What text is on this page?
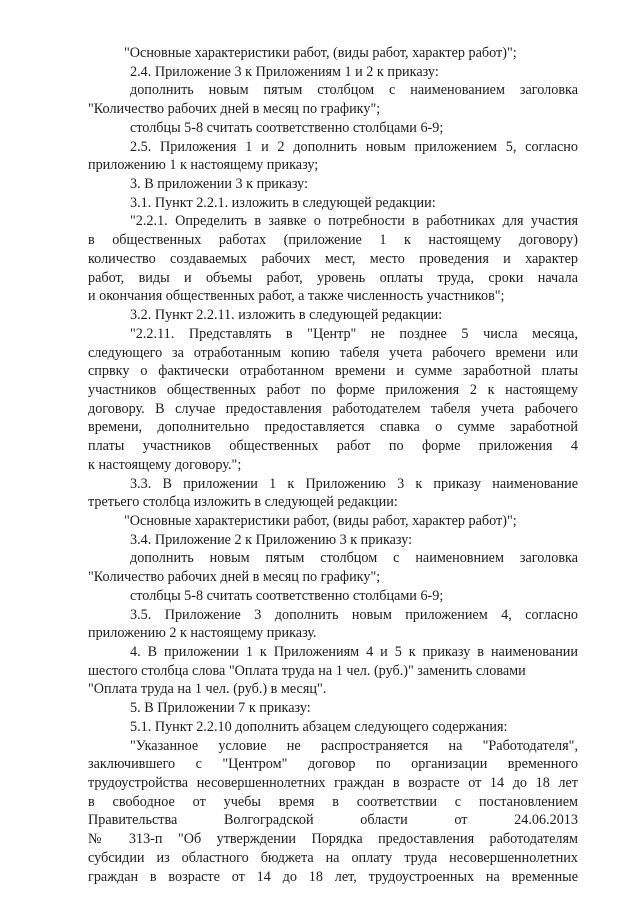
"Основные характеристики работ, (виды работ, характер работ)";
2.4. Приложение 3 к Приложениям 1 и 2 к приказу:
дополнить новым пятым столбцом с наименованием заголовка
"Количество рабочих дней в месяц по графику";
столбцы 5-8 считать соответственно столбцами 6-9;
2.5. Приложения 1 и 2 дополнить новым приложением 5, согласно
приложению 1 к настоящему приказу;
3. В приложении 3 к приказу:
3.1. Пункт 2.2.1. изложить в следующей редакции:
"2.2.1. Определить в заявке о потребности в работниках для участия
в общественных работах (приложение 1 к настоящему договору)
количество создаваемых рабочих мест, место проведения и характер
работ, виды и объемы работ, уровень оплаты труда, сроки начала
и окончания общественных работ, а также численность участников";
3.2. Пункт 2.2.11. изложить в следующей редакции:
"2.2.11. Представлять в "Центр" не позднее 5 числа месяца,
следующего за отработанным копию табеля учета рабочего времени или
спрвку о фактически отработанном времени и сумме заработной платы
участников общественных работ по форме приложения 2 к настоящему
договору. В случае предоставления работодателем табеля учета рабочего
времени, дополнительно предоставляется спавка о сумме заработной
платы участников общественных работ по форме приложения 4
к настоящему договору.";
3.3. В приложении 1 к Приложению 3 к приказу наименование
третьего столбца изложить в следующей редакции:
"Основные характеристики работ, (виды работ, характер работ)";
3.4. Приложение 2 к Приложению 3 к приказу:
дополнить новым пятым столбцом с наименовнием заголовка
"Количество рабочих дней в месяц по графику";
столбцы 5-8 считать соответственно столбцами 6-9;
3.5. Приложение 3 дополнить новым приложением 4, согласно
приложению 2 к настоящему приказу.
4. В приложении 1 к Приложениям 4 и 5 к приказу в наименовании
шестого столбца слова "Оплата труда на 1 чел. (руб.)" заменить словами
"Оплата труда на 1 чел. (руб.) в месяц".
5. В Приложении 7 к приказу:
5.1. Пункт 2.2.10 дополнить абзацем следующего содержания:
"Указанное условие не распространяется на "Работодателя",
заключившего с "Центром" договор по организации временного
трудоустройства несовершеннолетних граждан в возрасте от 14 до 18 лет
в свободное от учебы время в соответствии с постановлением
Правительства Волгоградской области от 24.06.2013
№ 313-п "Об утверждении Порядка предоставления работодателям
субсидии из областного бюджета на оплату труда несовершеннолетних
граждан в возрасте от 14 до 18 лет, трудоустроенных на временные
